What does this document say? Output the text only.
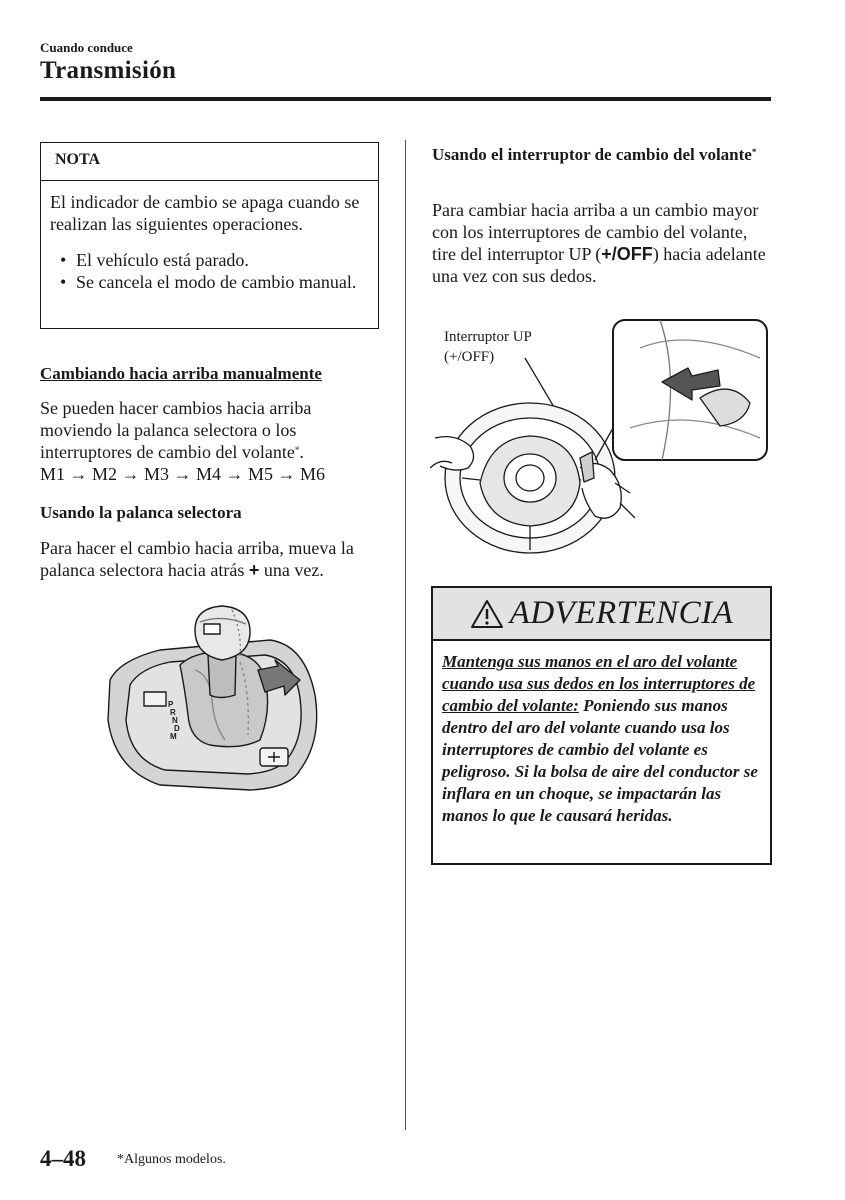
Cuando conduce
Transmisión
NOTA
El indicador de cambio se apaga cuando se realizan las siguientes operaciones.
• El vehículo está parado.
• Se cancela el modo de cambio manual.
Cambiando hacia arriba manualmente
Se pueden hacer cambios hacia arriba moviendo la palanca selectora o los interruptores de cambio del volante*.
M1 → M2 → M3 → M4 → M5 → M6
Usando la palanca selectora
Para hacer el cambio hacia arriba, mueva la palanca selectora hacia atrás + una vez.
P
R
N
D
M
Usando el interruptor de cambio del volante*
Para cambiar hacia arriba a un cambio mayor con los interruptores de cambio del volante, tire del interruptor UP (+/OFF) hacia adelante una vez con sus dedos.
Interruptor UP
(+/OFF)
ADVERTENCIA
Mantenga sus manos en el aro del volante cuando usa sus dedos en los interruptores de cambio del volante: Poniendo sus manos dentro del aro del volante cuando usa los interruptores de cambio del volante es peligroso. Si la bolsa de aire del conductor se inflara en un choque, se impactarán las manos lo que le causará heridas.
4–48 *Algunos modelos.
